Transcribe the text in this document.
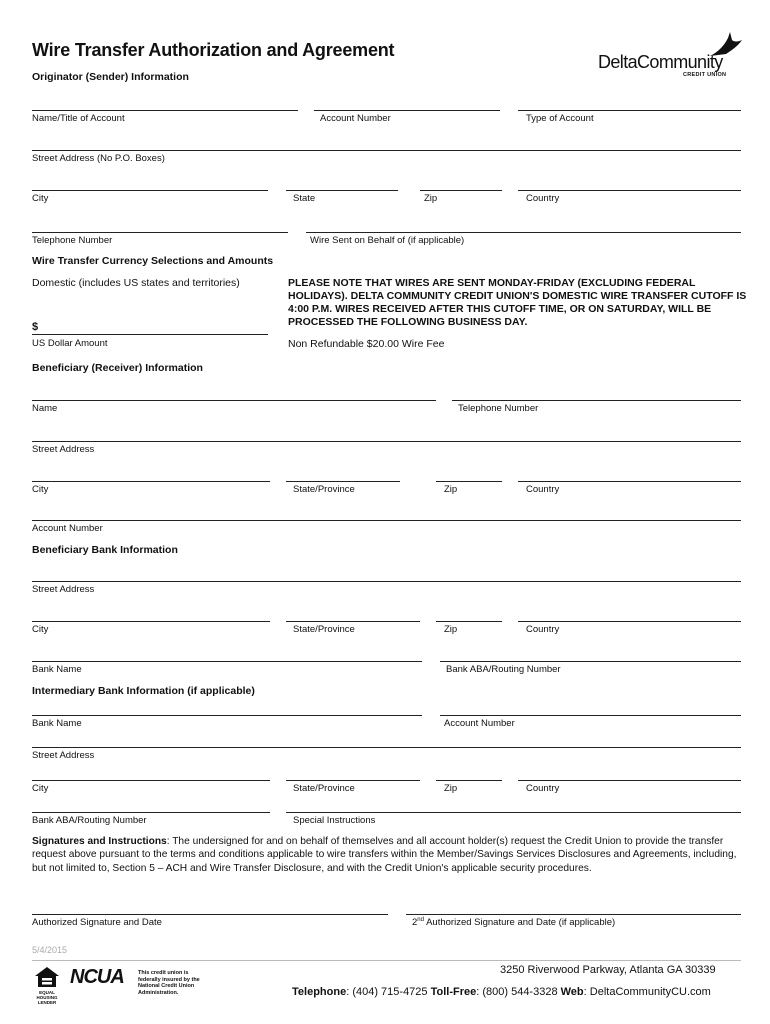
Wire Transfer Authorization and Agreement
Originator (Sender) Information
DeltaCommunity
CREDIT UNION
Name/Title of Account	Account Number	Type of Account
Street Address (No P.O. Boxes)
City	State	Zip	Country
Telephone Number	Wire Sent on Behalf of (if applicable)
Wire Transfer Currency Selections and Amounts
Domestic (includes US states and territories)	PLEASE NOTE THAT WIRES ARE SENT MONDAY-FRIDAY (EXCLUDING FEDERAL HOLIDAYS). DELTA COMMUNITY CREDIT UNION'S DOMESTIC WIRE TRANSFER CUTOFF IS 4:00 P.M. WIRES RECEIVED AFTER THIS CUTOFF TIME, OR ON SATURDAY, WILL BE PROCESSED THE FOLLOWING BUSINESS DAY.
$
US Dollar Amount	Non Refundable $20.00 Wire Fee
Beneficiary (Receiver) Information
Name	Telephone Number
Street Address
City	State/Province	Zip	Country
Account Number
Beneficiary Bank Information
Street Address
City	State/Province	Zip	Country
Bank Name	Bank ABA/Routing Number
Intermediary Bank Information (if applicable)
Bank Name	Account Number
Street Address
City	State/Province	Zip	Country
Bank ABA/Routing Number	Special Instructions
Signatures and Instructions: The undersigned for and on behalf of themselves and all account holder(s) request the Credit Union to provide the transfer request above pursuant to the terms and conditions applicable to wire transfers within the Member/Savings Services Disclosures and Agreements, including, but not limited to, Section 5 – ACH and Wire Transfer Disclosure, and with the Credit Union's applicable security procedures.
Authorized Signature and Date	2nd Authorized Signature and Date (if applicable)
5/4/2015
EQUAL HOUSING LENDER
NCUA	This credit union is federally insured by the National Credit Union Administration.
3250 Riverwood Parkway, Atlanta GA 30339
Telephone: (404) 715-4725 Toll-Free: (800) 544-3328 Web: DeltaCommunityCU.com
